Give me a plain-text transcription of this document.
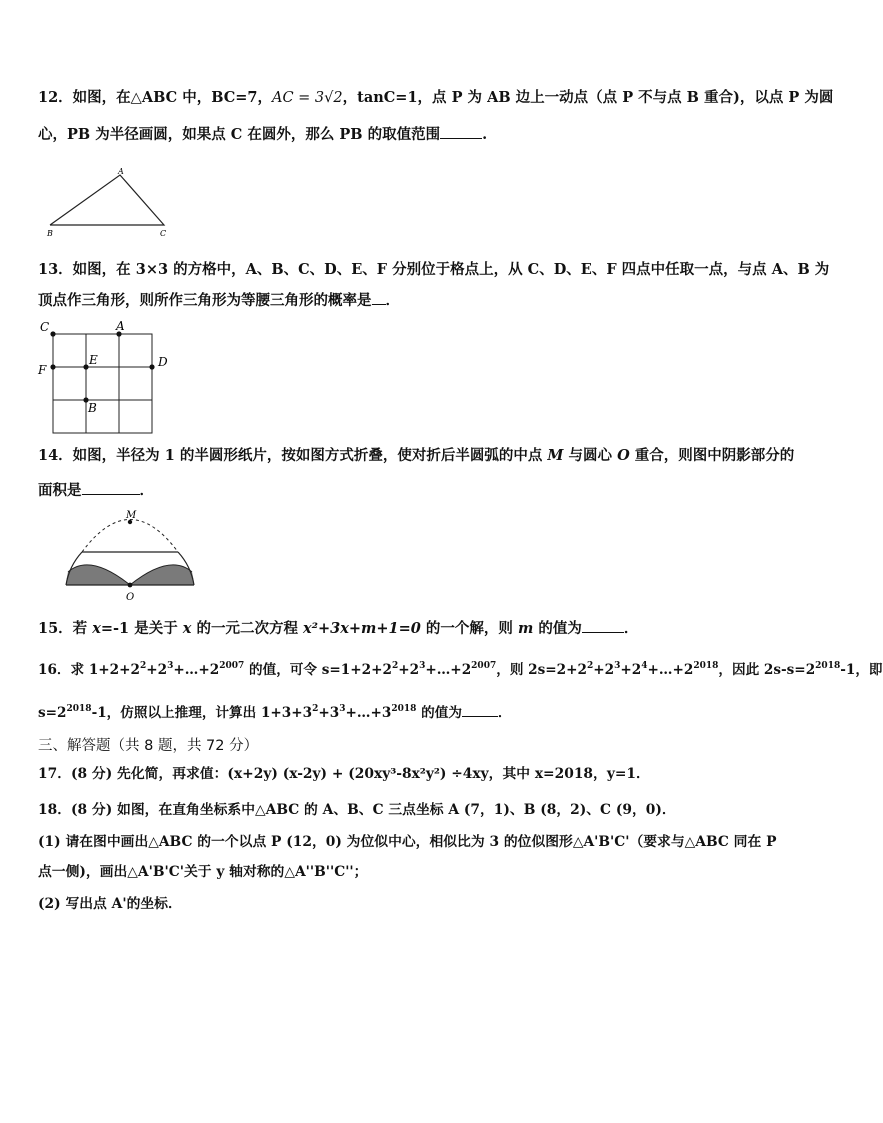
12．如图，在△ABC 中，BC=7，AC = 3√2，tanC=1，点 P 为 AB 边上一动点（点 P 不与点 B 重合)，以点 P 为圆
心，PB 为半径画圆，如果点 C 在圆外，那么 PB 的取值范围	.
A
B	C
13．如图，在 3×3 的方格中，A、B、C、D、E、F 分别位于格点上，从 C、D、E、F 四点中任取一点，与点 A、B 为
顶点作三角形，则所作三角形为等腰三角形的概率是 ．
C	A
F
E	D
B
14．如图，半径为 1 的半圆形纸片，按如图方式折叠，使对折后半圆弧的中点 M 与圆心 O 重合，则图中阴影部分的
面积是	．
M
O
15．若 x=-1 是关于 x 的一元二次方程 x²+3x+m+1=0 的一个解，则 m 的值为	．
16．求 $1+2+2^2+2^3+\dots+2^{2007}$ 的值，可令 $s=1+2+2^2+2^3+\dots+2^{2007}$，则 $2s=2+2^2+2^3+2^4+\dots+2^{2018}$，因此 $2s-s=2^{2018}-1$，即
$s=2^{2018}-1$，仿照以上推理，计算出 $1+3+3^2+3^3+\dots+3^{2018}$ 的值为	．
三、解答题（共 8 题，共 72 分）
17．(8 分) 先化简，再求值：(x+2y) (x-2y) + (20xy³-8x²y²) ÷4xy，其中 x=2018，y=1．
18．(8 分) 如图，在直角坐标系中△ABC 的 A、B、C 三点坐标 A (7，1)、B (8，2)、C (9，0)．
(1) 请在图中画出△ABC 的一个以点 P (12，0) 为位似中心，相似比为 3 的位似图形△A'B'C'（要求与△ABC 同在 P
点一侧)，画出△A'B'C'关于 y 轴对称的△A''B''C''；
(2) 写出点 A'的坐标．
